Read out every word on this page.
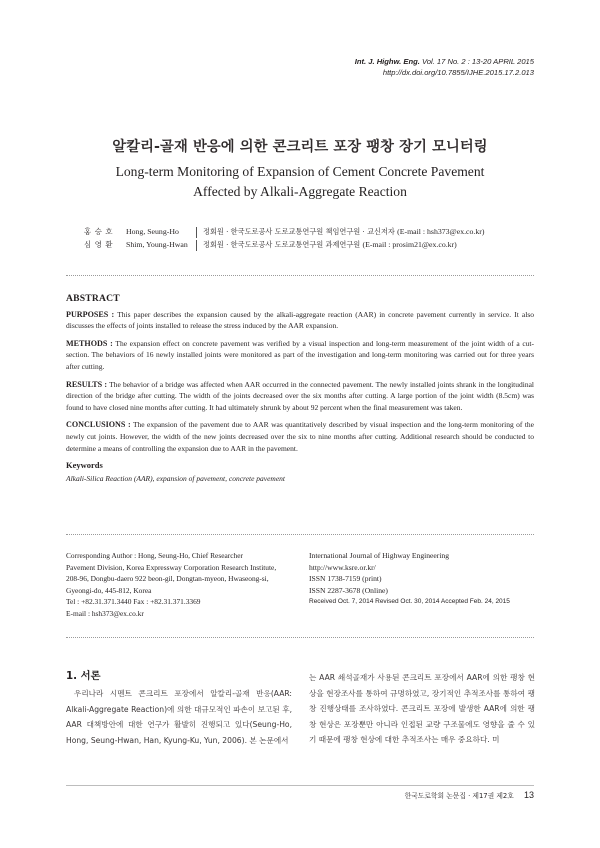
Int. J. Highw. Eng. Vol. 17 No. 2 : 13-20 APRIL 2015
http://dx.doi.org/10.7855/IJHE.2015.17.2.013
알칼리-골재 반응에 의한 콘크리트 포장 팽창 장기 모니터링
Long-term Monitoring of Expansion of Cement Concrete Pavement
Affected by Alkali-Aggregate Reaction
홍 승 호 Hong, Seung-Ho	정회원 · 한국도로공사 도로교통연구원 책임연구원 · 교신저자 (E-mail : hsh373@ex.co.kr)
심 영 환 Shim, Young-Hwan 정회원 · 한국도로공사 도로교통연구원 과제연구원 (E-mail : prosim21@ex.co.kr)
ABSTRACT

PURPOSES : This paper describes the expansion caused by the alkali-aggregate reaction (AAR) in concrete pavement currently in service. It also discusses the effects of joints installed to release the stress induced by the AAR expansion.

METHODS : The expansion effect on concrete pavement was verified by a visual inspection and long-term measurement of the joint width of a cut-section. The behaviors of 16 newly installed joints were monitored as part of the investigation and long-term monitoring was carried out for three years after cutting.

RESULTS : The behavior of a bridge was affected when AAR occurred in the connected pavement. The newly installed joints shrank in the longitudinal direction of the bridge after cutting. The width of the joints decreased over the six months after cutting. A large portion of the joint width (8.5cm) was found to have closed nine months after cutting. It had ultimately shrunk by about 92 percent when the final measurement was taken.

CONCLUSIONS : The expansion of the pavement due to AAR was quantitatively described by visual inspection and the long-term monitoring of the newly cut joints. However, the width of the new joints decreased over the six to nine months after cutting. Additional research should be conducted to determine a means of controlling the expansion due to AAR in the pavement.

Keywords
Alkali-Silica Reaction (AAR), expansion of pavement, concrete pavement
Corresponding Author : Hong, Seung-Ho, Chief Researcher
Pavement Division, Korea Expressway Corporation Research Institute,
208-96, Dongbu-daero 922 beon-gil, Dongtan-myeon, Hwaseong-si,
Gyeongi-do, 445-812, Korea
Tel : +82.31.371.3440 Fax : +82.31.371.3369
E-mail : hsh373@ex.co.kr
International Journal of Highway Engineering
http://www.ksre.or.kr/
ISSN 1738-7159 (print)
ISSN 2287-3678 (Online)
Received Oct. 7, 2014 Revised Oct. 30, 2014 Accepted Feb. 24, 2015
1. 서론
우리나라 시멘트 콘크리트 포장에서 알칼리-골재 반응(AAR: Alkali-Aggregate Reaction)에 의한 대규모적인 파손이 보고된 후, AAR 대책방안에 대한 연구가 활발히 진행되고 있다(Seung-Ho, Hong, Seung-Hwan, Han, Kyung-Ku, Yun, 2006). 본 논문에서
는 AAR 쇄석골재가 사용된 콘크리트 포장에서 AAR에 의한 팽창 현상을 현장조사를 통하여 규명하였고, 장기적인 추적조사를 통하여 팽창 진행상태를 조사하였다. 콘크리트 포장에 발생한 AAR에 의한 팽창 현상은 포장뿐만 아니라 인접된 교량 구조물에도 영향을 줄 수 있기 때문에 팽창 현상에 대한 추적조사는 매우 중요하다. 미
한국도로학회 논문집 · 제17권 제2호 13
